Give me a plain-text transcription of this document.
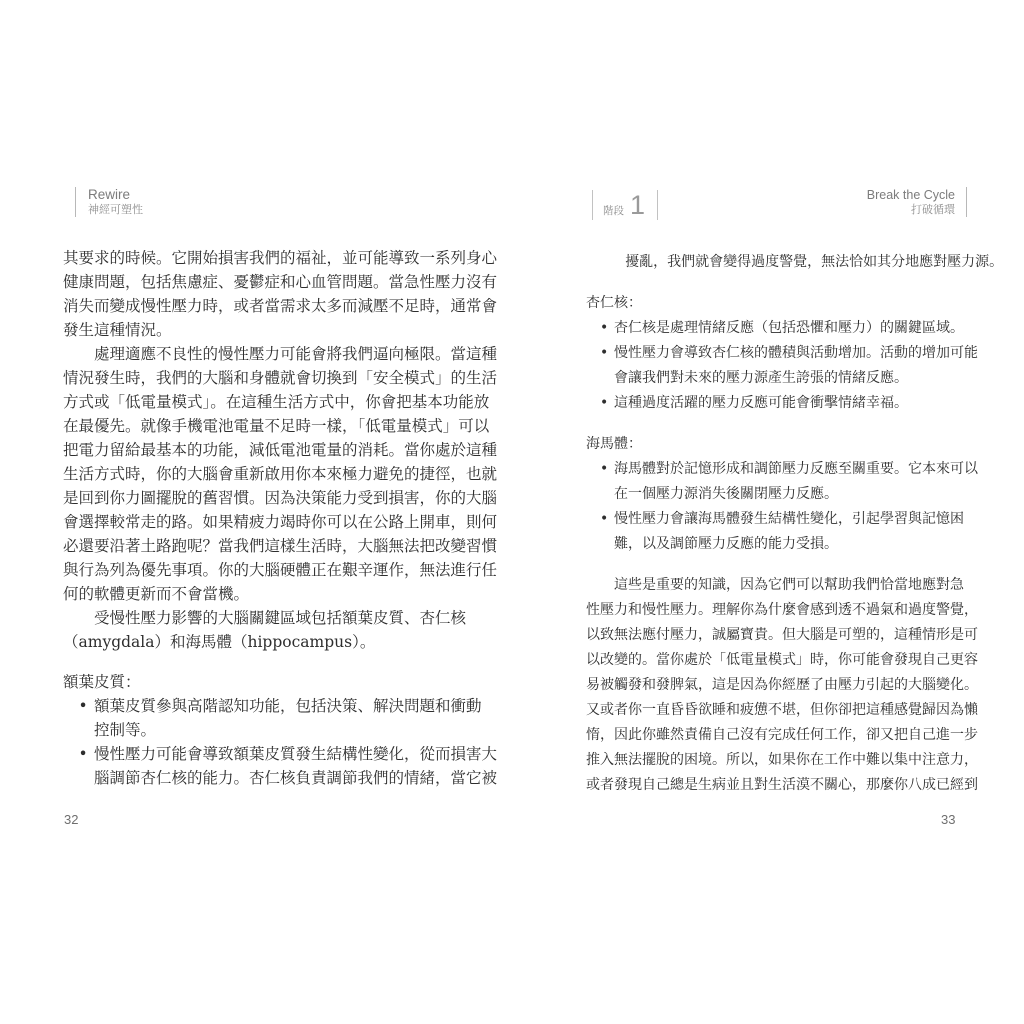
Rewire
神經可塑性	階段 1	Break the Cycle
打破循環
其要求的時候。它開始損害我們的福祉，並可能導致一系列身心
健康問題，包括焦慮症、憂鬱症和心血管問題。當急性壓力沒有
消失而變成慢性壓力時，或者當需求太多而減壓不足時，通常會
發生這種情況。
處理適應不良性的慢性壓力可能會將我們逼向極限。當這種
情況發生時，我們的大腦和身體就會切換到「安全模式」的生活
方式或「低電量模式」。在這種生活方式中，你會把基本功能放
在最優先。就像手機電池電量不足時一樣，「低電量模式」可以
把電力留給最基本的功能，減低電池電量的消耗。當你處於這種
生活方式時，你的大腦會重新啟用你本來極力避免的捷徑，也就
是回到你力圖擺脫的舊習慣。因為決策能力受到損害，你的大腦
會選擇較常走的路。如果精疲力竭時你可以在公路上開車，則何
必還要沿著土路跑呢？當我們這樣生活時，大腦無法把改變習慣
與行為列為優先事項。你的大腦硬體正在艱辛運作，無法進行任
何的軟體更新而不會當機。
受慢性壓力影響的大腦關鍵區域包括額葉皮質、杏仁核
（amygdala）和海馬體（hippocampus）。
額葉皮質：
• 額葉皮質參與高階認知功能，包括決策、解決問題和衝動
控制等。
• 慢性壓力可能會導致額葉皮質發生結構性變化，從而損害大
腦調節杏仁核的能力。杏仁核負責調節我們的情緒，當它被
擾亂，我們就會變得過度警覺，無法恰如其分地應對壓力源。
杏仁核：
• 杏仁核是處理情緒反應（包括恐懼和壓力）的關鍵區域。
• 慢性壓力會導致杏仁核的體積與活動增加。活動的增加可能
會讓我們對未來的壓力源產生誇張的情緒反應。
• 這種過度活躍的壓力反應可能會衝擊情緒幸福。
海馬體：
• 海馬體對於記憶形成和調節壓力反應至關重要。它本來可以
在一個壓力源消失後關閉壓力反應。
• 慢性壓力會讓海馬體發生結構性變化，引起學習與記憶困
難，以及調節壓力反應的能力受損。
這些是重要的知識，因為它們可以幫助我們恰當地應對急
性壓力和慢性壓力。理解你為什麼會感到透不過氣和過度警覺，
以致無法應付壓力，誠屬寶貴。但大腦是可塑的，這種情形是可
以改變的。當你處於「低電量模式」時，你可能會發現自己更容
易被觸發和發脾氣，這是因為你經歷了由壓力引起的大腦變化。
又或者你一直昏昏欲睡和疲憊不堪，但你卻把這種感覺歸因為懶
惰，因此你雖然責備自己沒有完成任何工作，卻又把自己進一步
推入無法擺脫的困境。所以，如果你在工作中難以集中注意力，
或者發現自己總是生病並且對生活漠不關心，那麼你八成已經到
32	33
